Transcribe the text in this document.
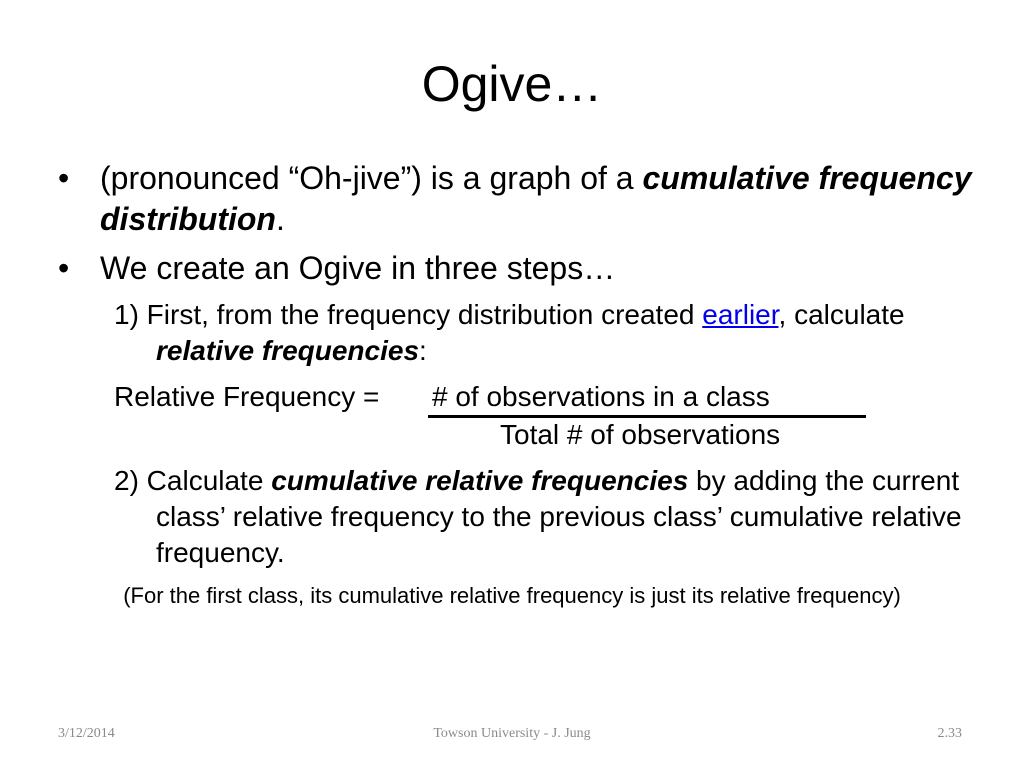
Ogive…
• (pronounced “Oh-jive”) is a graph of a cumulative frequency distribution.
• We create an Ogive in three steps…
1) First, from the frequency distribution created earlier, calculate relative frequencies:
Relative Frequency = # of observations in a class
Total # of observations
2) Calculate cumulative relative frequencies by adding the current class’ relative frequency to the previous class’ cumulative relative frequency.
(For the first class, its cumulative relative frequency is just its relative frequency)
3/12/2014	Towson University - J. Jung	2.33
